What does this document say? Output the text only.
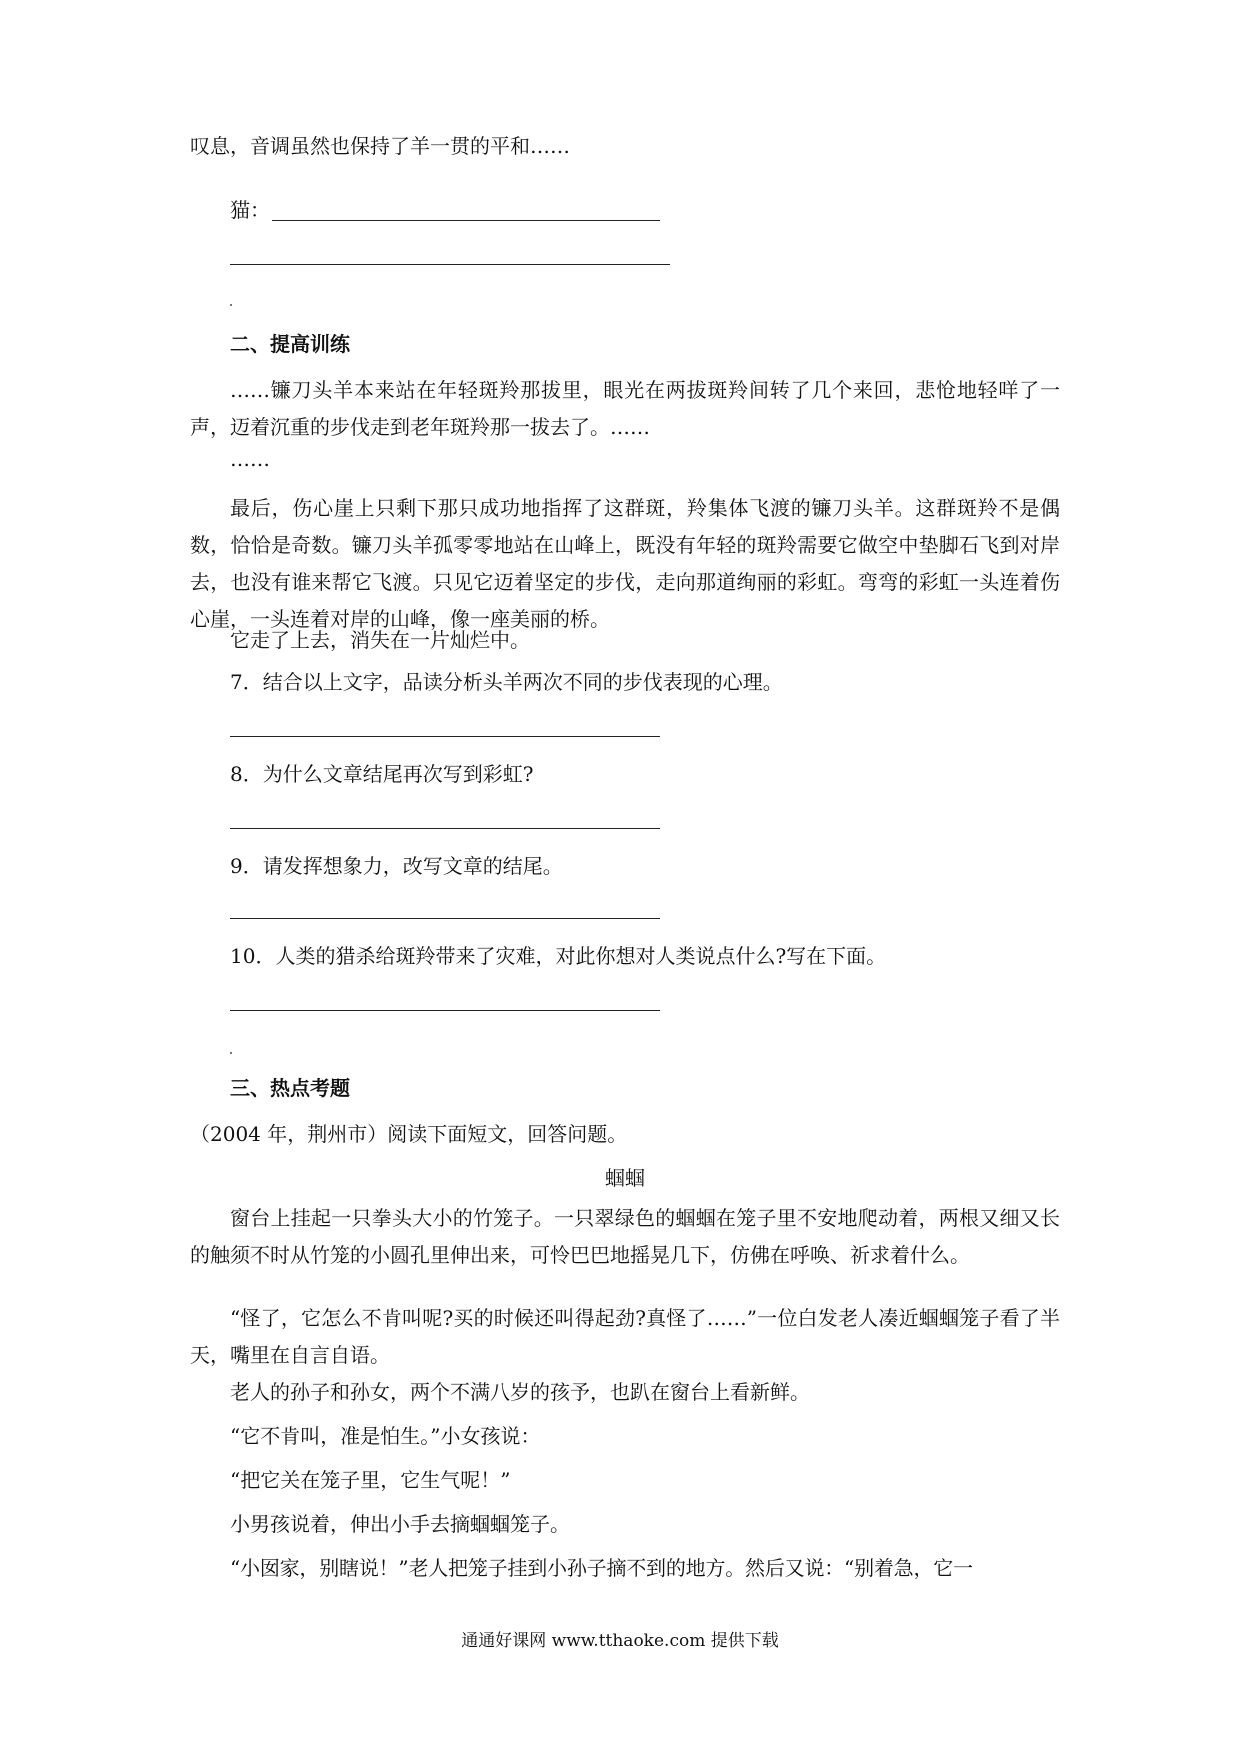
叹息，音调虽然也保持了羊一贯的平和……
猫：
二、提高训练
……镰刀头羊本来站在年轻斑羚那拔里，眼光在两拔斑羚间转了几个来回，悲怆地轻咩了一声，迈着沉重的步伐走到老年斑羚那一拔去了。……
……
最后，伤心崖上只剩下那只成功地指挥了这群斑，羚集体飞渡的镰刀头羊。这群斑羚不是偶数，恰恰是奇数。镰刀头羊孤零零地站在山峰上，既没有年轻的斑羚需要它做空中垫脚石飞到对岸去，也没有谁来帮它飞渡。只见它迈着坚定的步伐，走向那道绚丽的彩虹。弯弯的彩虹一头连着伤心崖，一头连着对岸的山峰，像一座美丽的桥。
它走了上去，消失在一片灿烂中。
7．结合以上文字，品读分析头羊两次不同的步伐表现的心理。
8．为什么文章结尾再次写到彩虹?
9．请发挥想象力，改写文章的结尾。
10．人类的猎杀给斑羚带来了灾难，对此你想对人类说点什么?写在下面。
三、热点考题
（2004 年，荆州市）阅读下面短文，回答问题。
蝈蝈
窗台上挂起一只拳头大小的竹笼子。一只翠绿色的蝈蝈在笼子里不安地爬动着，两根又细又长的触须不时从竹笼的小圆孔里伸出来，可怜巴巴地摇晃几下，仿佛在呼唤、祈求着什么。
“怪了，它怎么不肯叫呢?买的时候还叫得起劲?真怪了……”一位白发老人凑近蝈蝈笼子看了半天，嘴里在自言自语。
老人的孙子和孙女，两个不满八岁的孩予，也趴在窗台上看新鲜。
“它不肯叫，准是怕生。”小女孩说：
“把它关在笼子里，它生气呢！”
小男孩说着，伸出小手去摘蝈蝈笼子。
“小囡家，别瞎说！”老人把笼子挂到小孙子摘不到的地方。然后又说：“别着急，它一
通通好课网 www.tthaoke.com 提供下载
